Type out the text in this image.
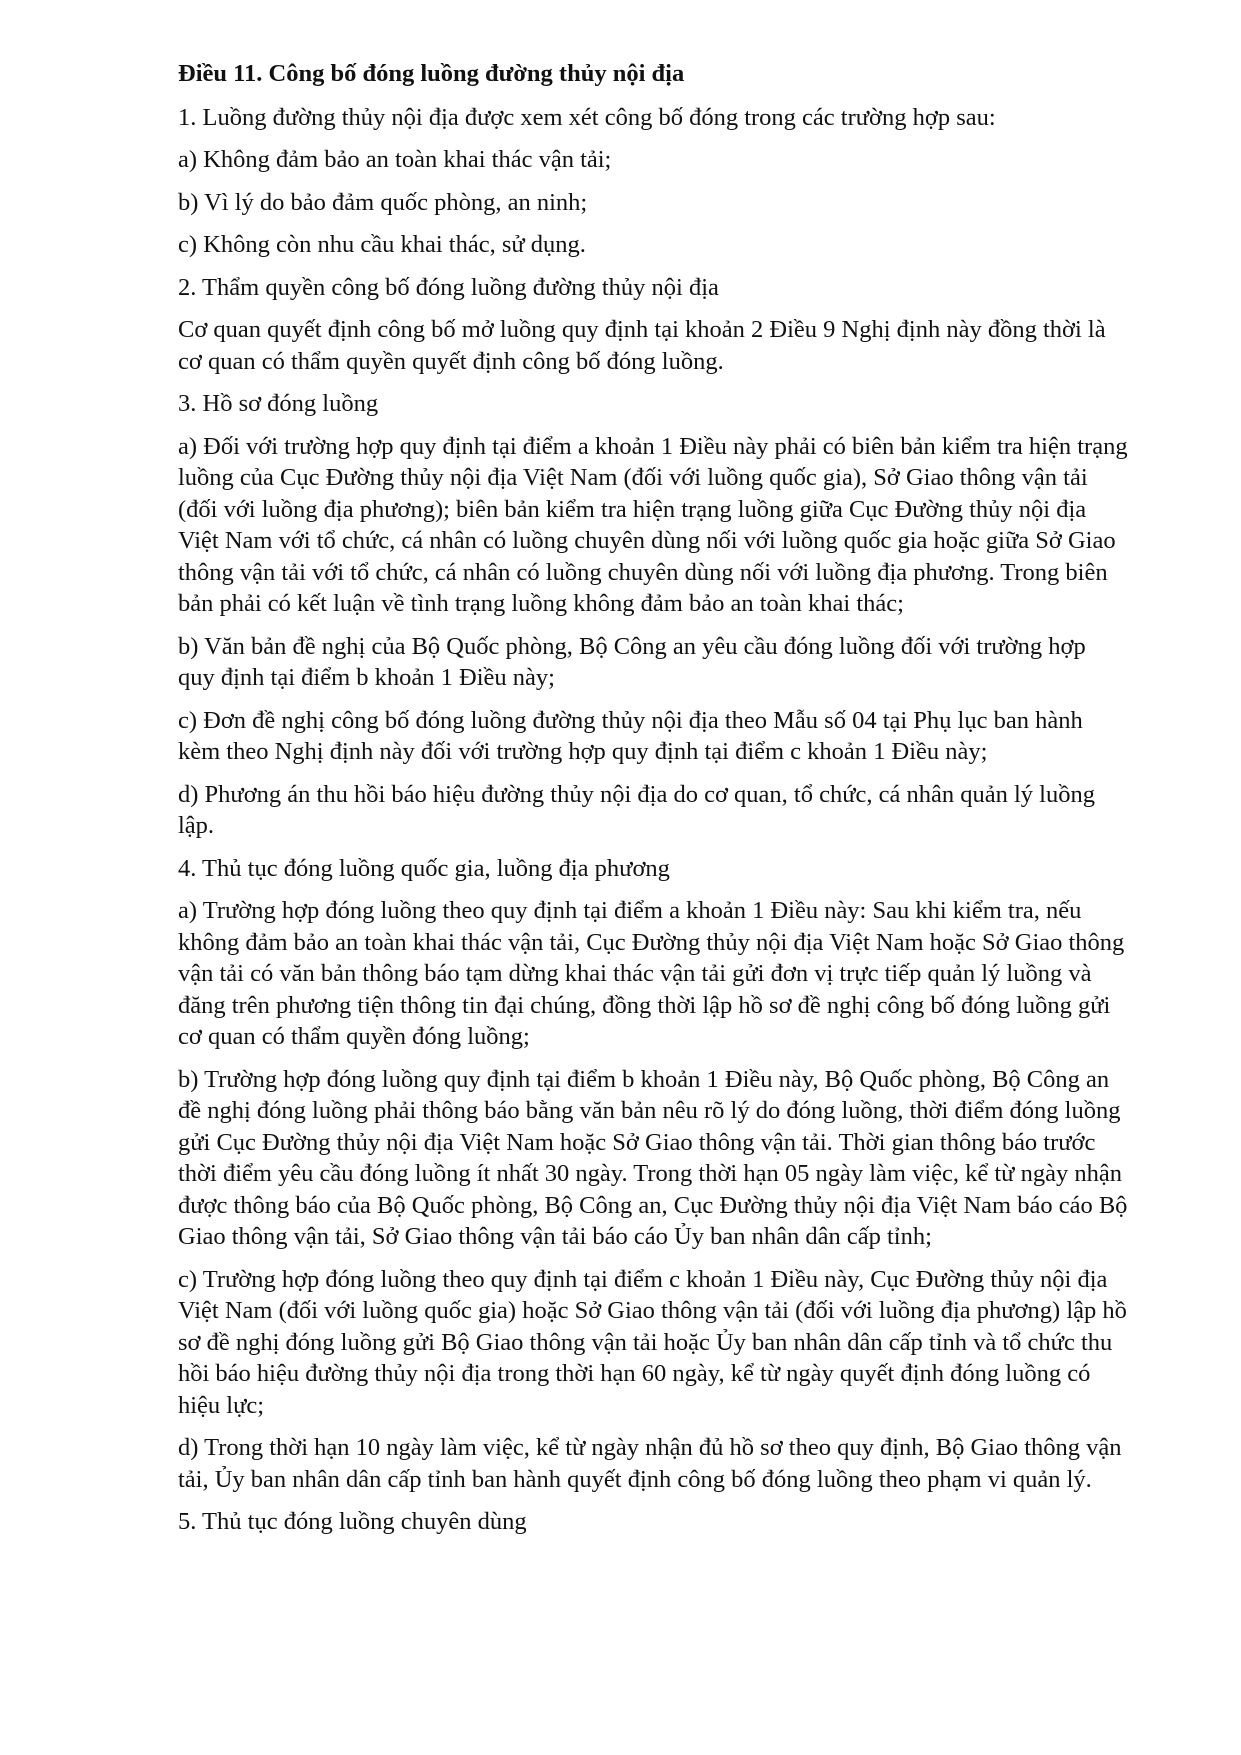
Điều 11. Công bố đóng luồng đường thủy nội địa

1. Luồng đường thủy nội địa được xem xét công bố đóng trong các trường hợp sau:

a) Không đảm bảo an toàn khai thác vận tải;

b) Vì lý do bảo đảm quốc phòng, an ninh;

c) Không còn nhu cầu khai thác, sử dụng.

2. Thẩm quyền công bố đóng luồng đường thủy nội địa

Cơ quan quyết định công bố mở luồng quy định tại khoản 2 Điều 9 Nghị định này đồng thời là cơ quan có thẩm quyền quyết định công bố đóng luồng.

3. Hồ sơ đóng luồng

a) Đối với trường hợp quy định tại điểm a khoản 1 Điều này phải có biên bản kiểm tra hiện trạng luồng của Cục Đường thủy nội địa Việt Nam (đối với luồng quốc gia), Sở Giao thông vận tải (đối với luồng địa phương); biên bản kiểm tra hiện trạng luồng giữa Cục Đường thủy nội địa Việt Nam với tổ chức, cá nhân có luồng chuyên dùng nối với luồng quốc gia hoặc giữa Sở Giao thông vận tải với tổ chức, cá nhân có luồng chuyên dùng nối với luồng địa phương. Trong biên bản phải có kết luận về tình trạng luồng không đảm bảo an toàn khai thác;

b) Văn bản đề nghị của Bộ Quốc phòng, Bộ Công an yêu cầu đóng luồng đối với trường hợp quy định tại điểm b khoản 1 Điều này;

c) Đơn đề nghị công bố đóng luồng đường thủy nội địa theo Mẫu số 04 tại Phụ lục ban hành kèm theo Nghị định này đối với trường hợp quy định tại điểm c khoản 1 Điều này;

d) Phương án thu hồi báo hiệu đường thủy nội địa do cơ quan, tổ chức, cá nhân quản lý luồng lập.

4. Thủ tục đóng luồng quốc gia, luồng địa phương

a) Trường hợp đóng luồng theo quy định tại điểm a khoản 1 Điều này: Sau khi kiểm tra, nếu không đảm bảo an toàn khai thác vận tải, Cục Đường thủy nội địa Việt Nam hoặc Sở Giao thông vận tải có văn bản thông báo tạm dừng khai thác vận tải gửi đơn vị trực tiếp quản lý luồng và đăng trên phương tiện thông tin đại chúng, đồng thời lập hồ sơ đề nghị công bố đóng luồng gửi cơ quan có thẩm quyền đóng luồng;

b) Trường hợp đóng luồng quy định tại điểm b khoản 1 Điều này, Bộ Quốc phòng, Bộ Công an đề nghị đóng luồng phải thông báo bằng văn bản nêu rõ lý do đóng luồng, thời điểm đóng luồng gửi Cục Đường thủy nội địa Việt Nam hoặc Sở Giao thông vận tải. Thời gian thông báo trước thời điểm yêu cầu đóng luồng ít nhất 30 ngày. Trong thời hạn 05 ngày làm việc, kể từ ngày nhận được thông báo của Bộ Quốc phòng, Bộ Công an, Cục Đường thủy nội địa Việt Nam báo cáo Bộ Giao thông vận tải, Sở Giao thông vận tải báo cáo Ủy ban nhân dân cấp tỉnh;

c) Trường hợp đóng luồng theo quy định tại điểm c khoản 1 Điều này, Cục Đường thủy nội địa Việt Nam (đối với luồng quốc gia) hoặc Sở Giao thông vận tải (đối với luồng địa phương) lập hồ sơ đề nghị đóng luồng gửi Bộ Giao thông vận tải hoặc Ủy ban nhân dân cấp tỉnh và tổ chức thu hồi báo hiệu đường thủy nội địa trong thời hạn 60 ngày, kể từ ngày quyết định đóng luồng có hiệu lực;

d) Trong thời hạn 10 ngày làm việc, kể từ ngày nhận đủ hồ sơ theo quy định, Bộ Giao thông vận tải, Ủy ban nhân dân cấp tỉnh ban hành quyết định công bố đóng luồng theo phạm vi quản lý.

5. Thủ tục đóng luồng chuyên dùng
